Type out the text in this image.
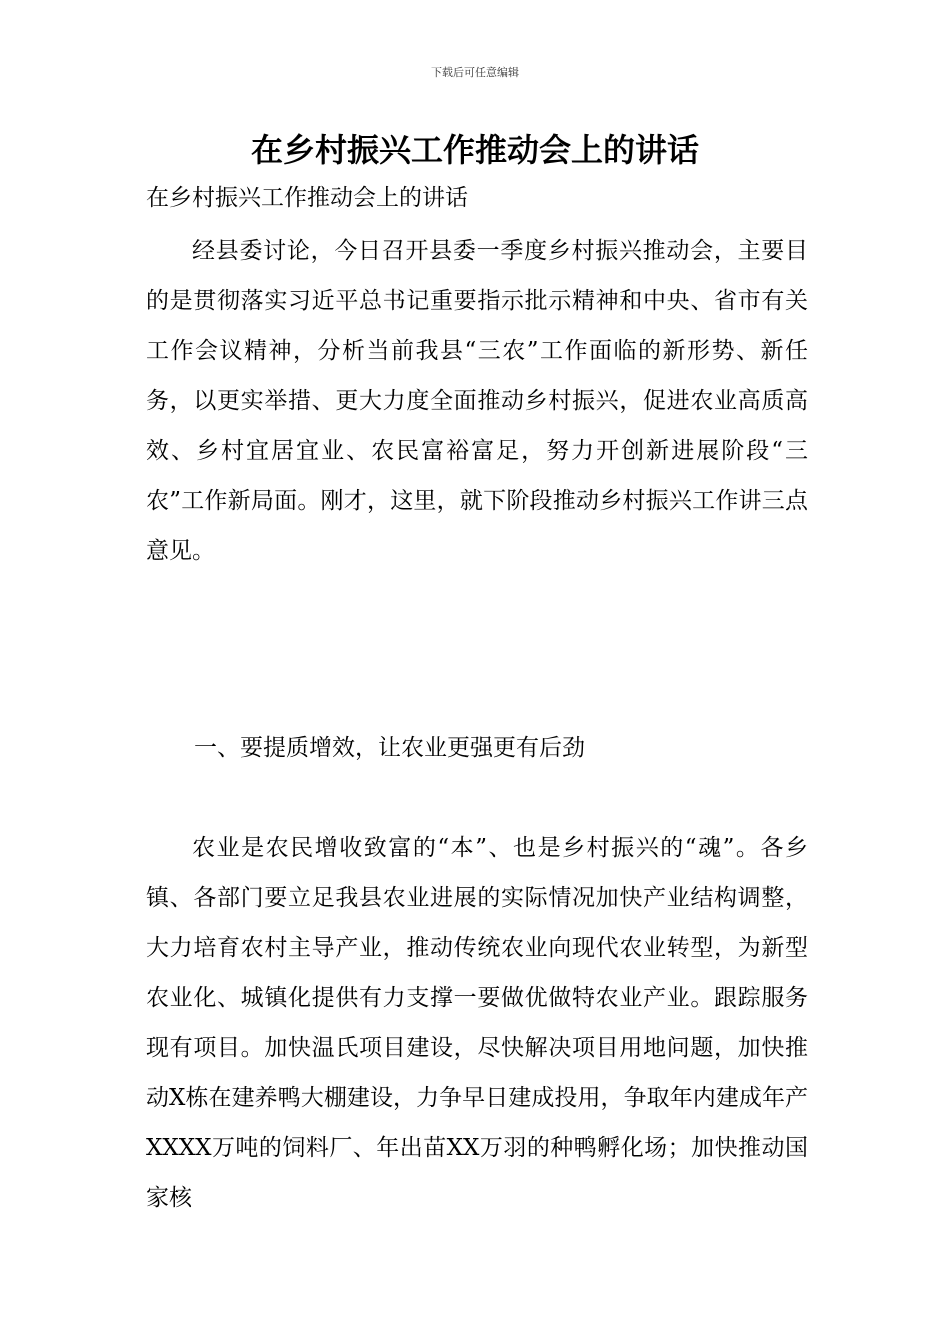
下载后可任意编辑
在乡村振兴工作推动会上的讲话

在乡村振兴工作推动会上的讲话

经县委讨论，今日召开县委一季度乡村振兴推动会，主要目的是贯彻落实习近平总书记重要指示批示精神和中央、省市有关工作会议精神，分析当前我县“三农”工作面临的新形势、新任务，以更实举措、更大力度全面推动乡村振兴，促进农业高质高效、乡村宜居宜业、农民富裕富足，努力开创新进展阶段“三农”工作新局面。刚才，这里，就下阶段推动乡村振兴工作讲三点意见。

一、要提质增效，让农业更强更有后劲

农业是农民增收致富的“本”、也是乡村振兴的“魂”。各乡镇、各部门要立足我县农业进展的实际情况加快产业结构调整，大力培育农村主导产业，推动传统农业向现代农业转型，为新型农业化、城镇化提供有力支撑一要做优做特农业产业。跟踪服务现有项目。加快温氏项目建设，尽快解决项目用地问题，加快推动X栋在建养鸭大棚建设，力争早日建成投用，争取年内建成年产XXXX万吨的饲料厂、年出苗XX万羽的种鸭孵化场；加快推动国家核
